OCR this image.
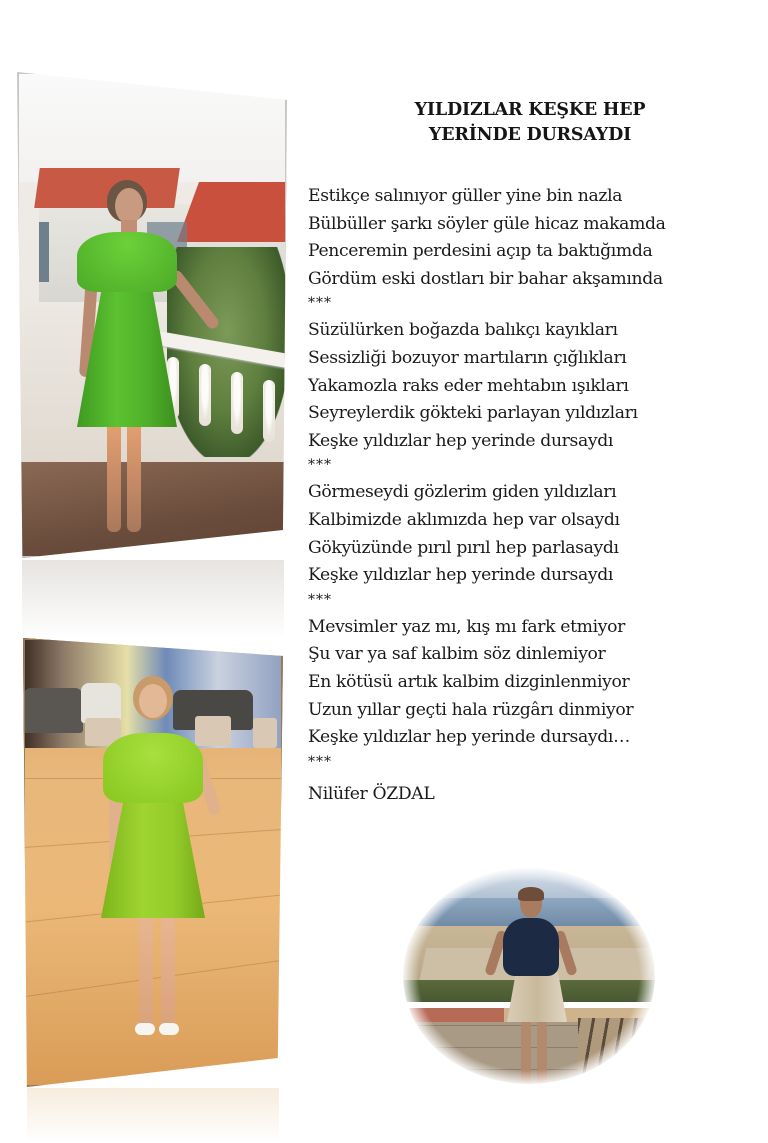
YILDIZLAR KEŞKE HEP
YERİNDE DURSAYDI
Estikçe salınıyor güller yine bin nazla
Bülbüller şarkı söyler güle hicaz makamda
Penceremin perdesini açıp ta baktığımda
Gördüm eski dostları bir bahar akşamında
***
Süzülürken boğazda balıkçı kayıkları
Sessizliği bozuyor martıların çığlıkları
Yakamozla raks eder mehtabın ışıkları
Seyreylerdik gökteki parlayan yıldızları
Keşke yıldızlar hep yerinde dursaydı
***
Görmeseydi gözlerim giden yıldızları
Kalbimizde aklımızda hep var olsaydı
Gökyüzünde pırıl pırıl hep parlasaydı
Keşke yıldızlar hep yerinde dursaydı
***
Mevsimler yaz mı, kış mı fark etmiyor
Şu var ya saf kalbim söz dinlemiyor
En kötüsü artık kalbim dizginlenmiyor
Uzun yıllar geçti hala rüzgârı dinmiyor
Keşke yıldızlar hep yerinde dursaydı…
***
Nilüfer ÖZDAL
